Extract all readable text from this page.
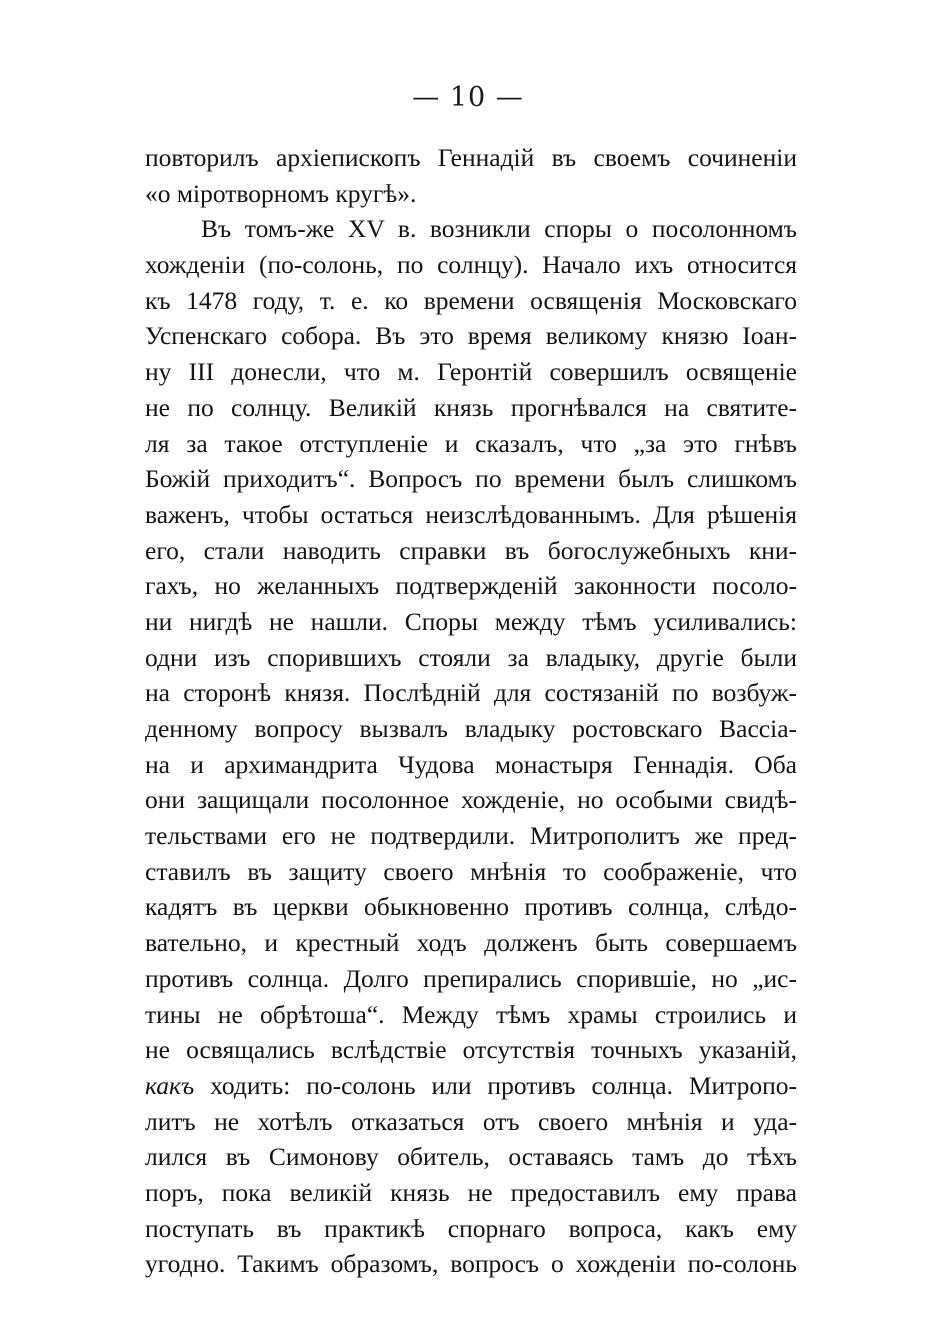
— 10 —
повторилъ архіепископъ Геннадій въ своемъ сочиненіи
«о міротворномъ кругѣ».
Въ томъ-же XV в. возникли споры о посолонномъ
хожденіи (по-солонь, по солнцу). Начало ихъ относится
къ 1478 году, т. е. ко времени освященія Московскаго
Успенскаго собора. Въ это время великому князю Іоан-
ну III донесли, что м. Геронтій совершилъ освященіе
не по солнцу. Великій князь прогнѣвался на святите-
ля за такое отступленіе и сказалъ, что „за это гнѣвъ
Божій приходитъ“. Вопросъ по времени былъ слишкомъ
важенъ, чтобы остаться неизслѣдованнымъ. Для рѣшенія
его, стали наводить справки въ богослужебныхъ кни-
гахъ, но желанныхъ подтвержденій законности посоло-
ни нигдѣ не нашли. Споры между тѣмъ усиливались:
одни изъ спорившихъ стояли за владыку, другіе были
на сторонѣ князя. Послѣдній для состязаній по возбуж-
денному вопросу вызвалъ владыку ростовскаго Вассіа-
на и архимандрита Чудова монастыря Геннадія. Оба
они защищали посолонное хожденіе, но особыми свидѣ-
тельствами его не подтвердили. Митрополитъ же пред-
ставилъ въ защиту своего мнѣнія то соображеніе, что
кадятъ въ церкви обыкновенно противъ солнца, слѣдо-
вательно, и крестный ходъ долженъ быть совершаемъ
противъ солнца. Долго препирались спорившіе, но „ис-
тины не обрѣтоша“. Между тѣмъ храмы строились и
не освящались вслѣдствіе отсутствія точныхъ указаній,
какъ ходить: по-солонь или противъ солнца. Митропо-
литъ не хотѣлъ отказаться отъ своего мнѣнія и уда-
лился въ Симонову обитель, оставаясь тамъ до тѣхъ
поръ, пока великій князь не предоставилъ ему права
поступать въ практикѣ спорнаго вопроса, какъ ему
угодно. Такимъ образомъ, вопросъ о хожденіи по-солонь
